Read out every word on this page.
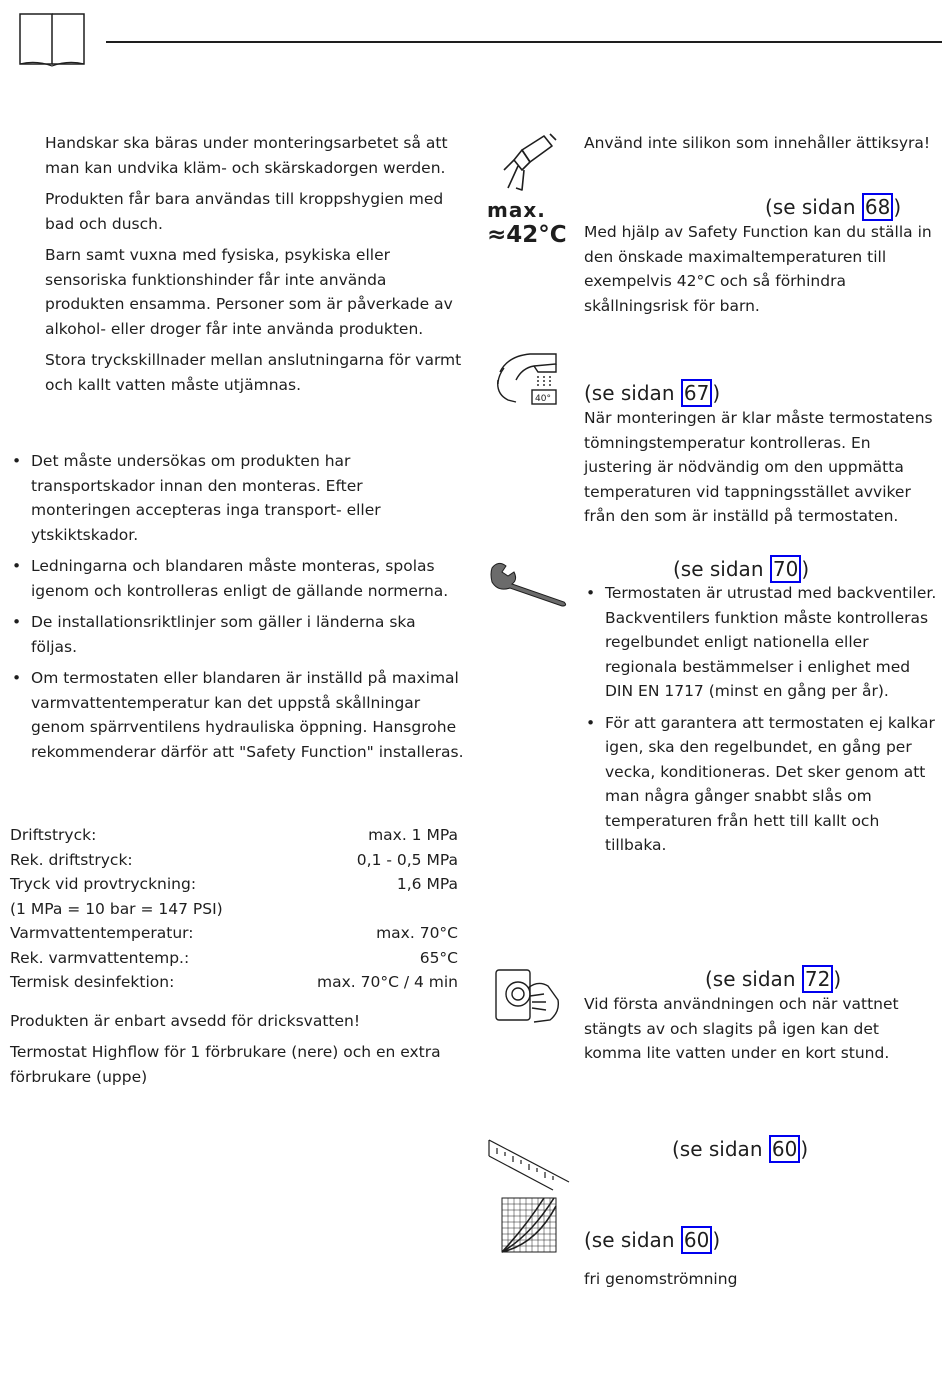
Handskar ska bäras under monteringsarbetet så att man kan undvika kläm- och skärskadorgen werden.

Produkten får bara användas till kroppshygien med bad och dusch.

Barn samt vuxna med fysiska, psykiska eller sensoriska funktionshinder får inte använda produkten ensamma. Personer som är påverkade av alkohol- eller droger får inte använda produkten.

Stora tryckskillnader mellan anslutningarna för varmt och kallt vatten måste utjämnas.

• Det måste undersökas om produkten har transportskador innan den monteras. Efter monteringen accepteras inga transport- eller ytskiktskador.
• Ledningarna och blandaren måste monteras, spolas igenom och kontrolleras enligt de gällande normerna.
• De installationsriktlinjer som gäller i länderna ska följas.
• Om termostaten eller blandaren är inställd på maximal varmvattentemperatur kan det uppstå skållningar genom spärrventilens hydrauliska öppning. Hansgrohe rekommenderar därför att "Safety Function" installeras.
Driftstryck:	max. 1 MPa
Rek. driftstryck:	0,1 - 0,5 MPa
Tryck vid provtryckning:	1,6 MPa
(1 MPa = 10 bar = 147 PSI)
Varmvattentemperatur:	max. 70°C
Rek. varmvattentemp.:	65°C
Termisk desinfektion:	max. 70°C / 4 min

Produkten är enbart avsedd för dricksvatten!

Termostat Highflow för 1 förbrukare (nere) och en extra förbrukare (uppe)

max.
≈42°C
40°
Använd inte silikon som innehåller ättiksyra!
(se sidan 68 )
Med hjälp av Safety Function kan du ställa in den önskade maximaltemperaturen till exempelvis 42°C och så förhindra skållningsrisk för barn.
(se sidan 67 )
När monteringen är klar måste termostatens tömningstemperatur kontrolleras. En justering är nödvändig om den uppmätta temperaturen vid tappningsstället avviker från den som är inställd på termostaten.
(se sidan 70 )
• Termostaten är utrustad med backventiler. Backventilers funktion måste kontrolleras regelbundet enligt nationella eller regionala bestämmelser i enlighet med DIN EN 1717 (minst en gång per år).
• För att garantera att termostaten ej kalkar igen, ska den regelbundet, en gång per vecka, konditioneras. Det sker genom att man några gånger snabbt slås om temperaturen från hett till kallt och tillbaka.
(se sidan 72 )
Vid första användningen och när vattnet stängts av och slagits på igen kan det komma lite vatten under en kort stund.
(se sidan 60 )
(se sidan 60 )
fri genomströmning
